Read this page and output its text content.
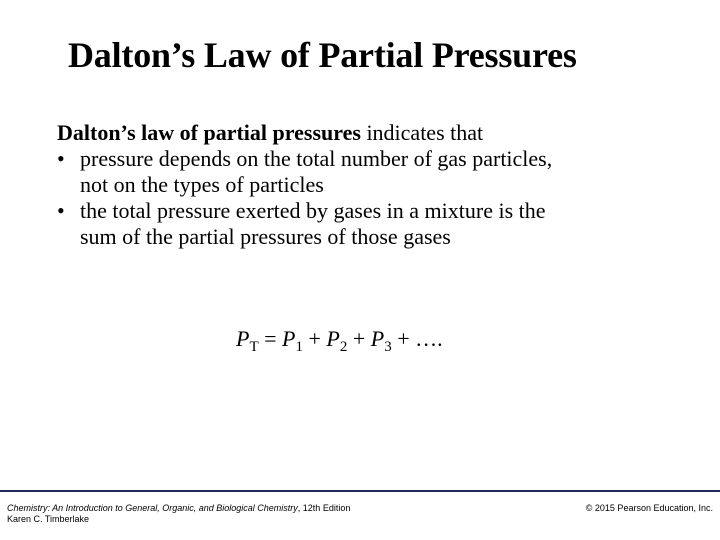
Dalton’s Law of Partial Pressures
Dalton’s law of partial pressures indicates that
• pressure depends on the total number of gas particles,
not on the types of particles
• the total pressure exerted by gases in a mixture is the
sum of the partial pressures of those gases
$P_T = P_1 + P_2 + P_3$ + ….
Chemistry: An Introduction to General, Organic, and Biological Chemistry, 12th Edition
Karen C. Timberlake
© 2015 Pearson Education, Inc.
